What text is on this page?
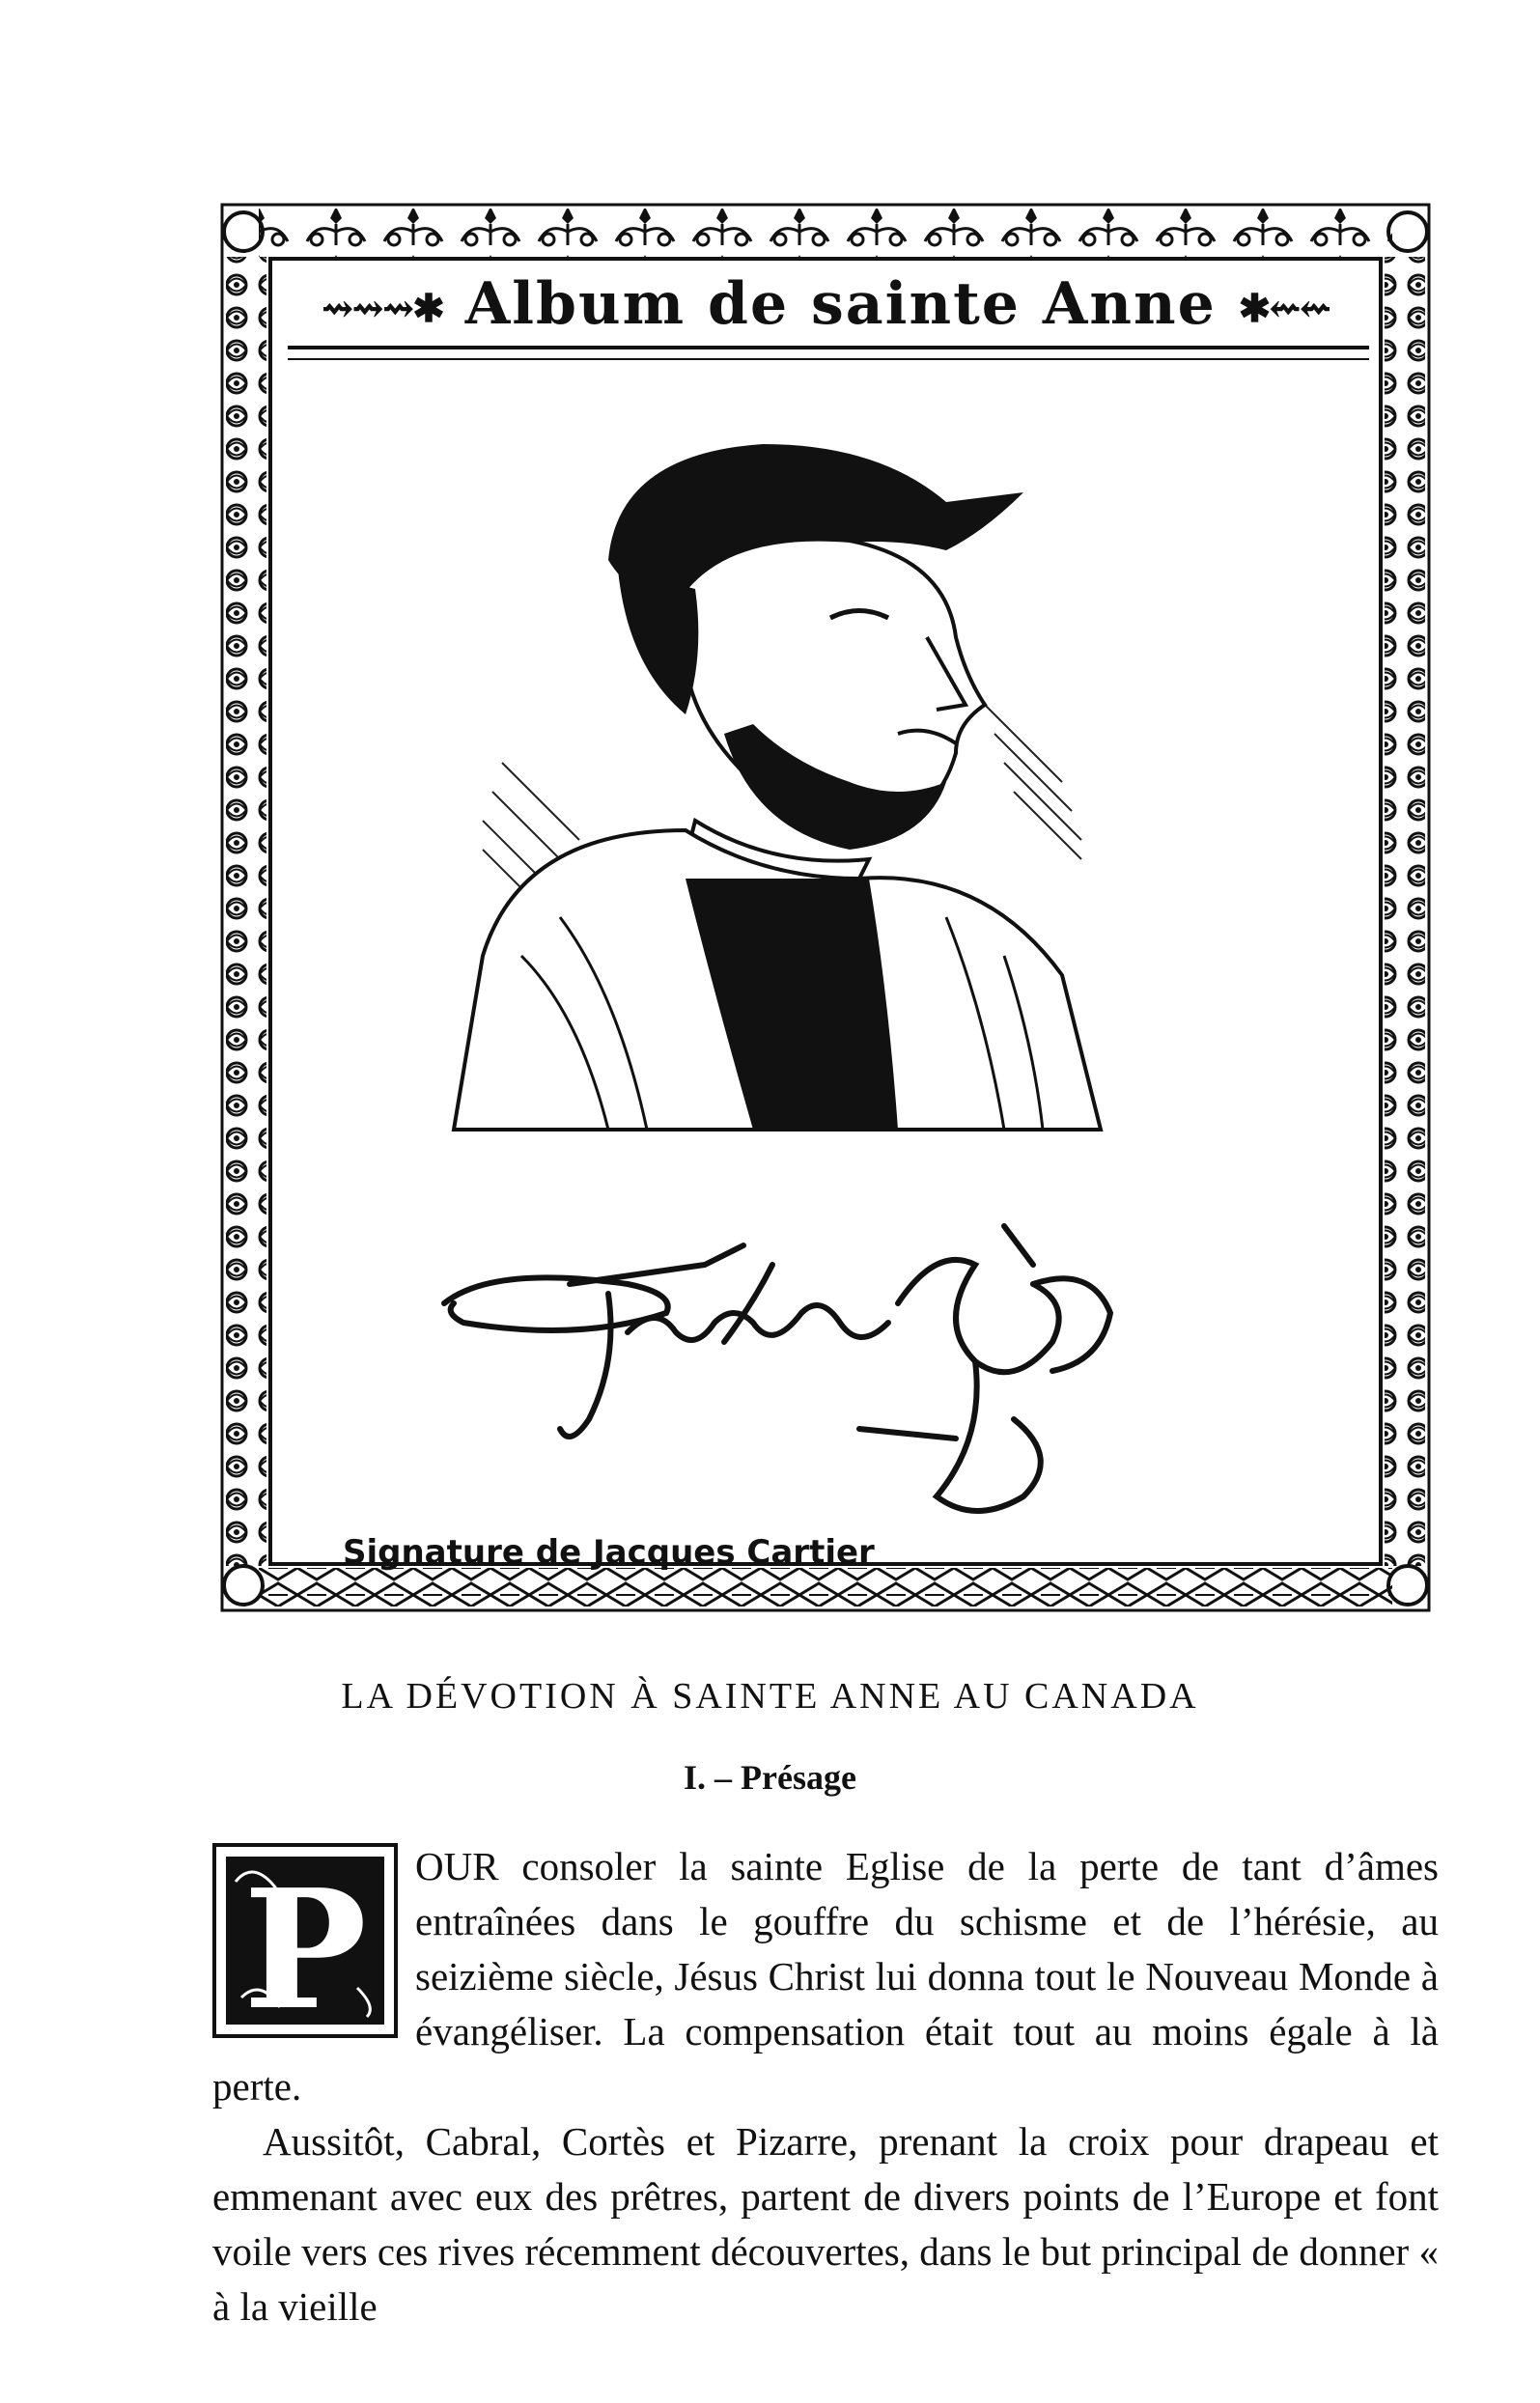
⇝⇝⇝✱ Album de sainte Anne ✱⇜⇜
Signature de Jacques Cartier
LA DÉVOTION À SAINTE ANNE AU CANADA
I. – Présage

P OUR consoler la sainte Eglise de la perte de tant d’âmes entraînées dans le gouffre du schisme et de l’hérésie, au seizième siècle, Jésus Christ lui donna tout le Nouveau Monde à évangéliser. La compensation était tout au moins égale à là perte.

Aussitôt, Cabral, Cortès et Pizarre, prenant la croix pour drapeau et emmenant avec eux des prêtres, partent de divers points de l’Europe et font voile vers ces rives récemment découvertes, dans le but principal de donner « à la vieille
